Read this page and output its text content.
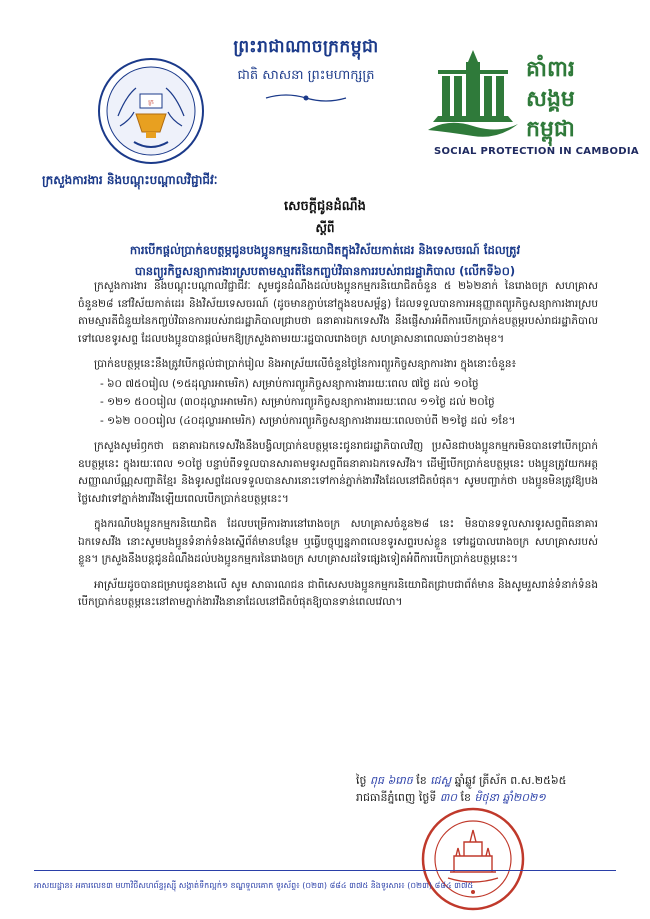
ក្រ
ព្រះរាជាណាចក្រកម្ពុជា
ជាតិ សាសនា ព្រះមហាក្សត្រ	គាំពារ
សង្គម
កម្ពុជា
SOCIAL PROTECTION IN CAMBODIA
ក្រសួងការងារ និងបណ្តុះបណ្តាលវិជ្ជាជីវៈ
សេចក្តីជូនដំណឹង
ស្តីពី
ការបើកផ្តល់ប្រាក់ឧបត្ថម្ភជូនបងប្អូនកម្មករនិយោជិតក្នុងវិស័យកាត់ដេរ និងទេសចរណ៍ ដែលត្រូវ
បានព្យួរកិច្ចសន្យាការងារស្របតាមស្មារតីនៃកញ្ចប់វិធានការរបស់រាជរដ្ឋាភិបាល (លើកទី៦០)

ក្រសួងការងារ និងបណ្តុះបណ្តាលវិជ្ជាជីវៈ សូមជូនដំណឹងដល់បងប្អូនកម្មករនិយោជិតចំនួន ៥ ២៦២នាក់ នៃរោងចក្រ សហគ្រាសចំនួន២៨ នៅវិស័យកាត់ដេរ និងវិស័យទេសចរណ៍ (ដូចមានភ្ជាប់នៅក្នុងឧបសម្ព័ន្ធ) ដែលទទួលបានការអនុញ្ញាតព្យួរកិច្ចសន្យាការងារស្របតាមស្មារតីជំនួយនៃកញ្ចប់វិធានការរបស់រាជរដ្ឋាភិបាលជ្រាបថា ធនាគារឯកទេសវីង នឹងផ្ញើសារអំពីការបើកប្រាក់ឧបត្ថម្ភរបស់រាជរដ្ឋាភិបាលទៅលេខទូរសព្ទ ដែលបងប្អូនបានផ្តល់មកឱ្យក្រសួងតាមរយៈរដ្ឋបាលរោងចក្រ សហគ្រាសនាពេលឆាប់ៗខាងមុខ។

ប្រាក់ឧបត្ថម្ភនេះនឹងត្រូវបើកផ្តល់ជាប្រាក់រៀល និងអាស្រ័យលើចំនួនថ្ងៃនៃការព្យួរកិច្ចសន្យាការងារ ក្នុងនោះចំនួន៖

- ៦០ ៧៥០រៀល (១៥ដុល្លារអាមេរិក) សម្រាប់ការព្យួរកិច្ចសន្យាការងាររយៈពេល ៧ថ្ងៃ ដល់ ១០ថ្ងៃ
- ១២១ ៥០០រៀល (៣០ដុល្លារអាមេរិក) សម្រាប់ការព្យួរកិច្ចសន្យាការងាររយៈពេល ១១ថ្ងៃ ដល់ ២០ថ្ងៃ
- ១៦២ ០០០រៀល (៤០ដុល្លារអាមេរិក) សម្រាប់ការព្យួរកិច្ចសន្យាការងាររយៈពេលចាប់ពី ២១ថ្ងៃ ដល់ ១ខែ។

ក្រសួងសូមរំឭកថា ធនាគារឯកទេសវីងនឹងបង្វិលប្រាក់ឧបត្ថម្ភនេះជូនរាជរដ្ឋាភិបាលវិញ ប្រសិនជាបងប្អូនកម្មករមិនបានទៅបើកប្រាក់ឧបត្ថម្ភនេះ ក្នុងរយៈពេល ១០ថ្ងៃ បន្ទាប់ពីទទួលបានសារតាមទូរសព្ទពីធនាគារឯកទេសវីង។ ដើម្បីបើកប្រាក់ឧបត្ថម្ភនេះ បងប្អូនត្រូវយកអត្តសញ្ញាណប័ណ្ណសញ្ជាតិខ្មែរ និងទូរសព្ទដែលទទួលបានសារនោះទៅកាន់ភ្នាក់ងារវីងដែលនៅជិតបំផុត។ សូមបញ្ជាក់ថា បងប្អូនមិនត្រូវឱ្យបងថ្លៃសេវាទៅភ្នាក់ងារវីងឡើយពេលបើកប្រាក់ឧបត្ថម្ភនេះ។

ក្នុងករណីបងប្អូនកម្មករនិយោជិត ដែលបម្រើការងារនៅរោងចក្រ សហគ្រាសចំនួន២៨ នេះ មិនបានទទួលសារទូរសព្ទពីធនាគារឯកទេសវីង នោះសូមបងប្អូនទំនាក់ទំនងស្នើព័ត៌មានបន្ថែម ឬធ្វើបច្ចុប្បន្នភាពលេខទូរសព្ទរបស់ខ្លួន ទៅរដ្ឋបាលរោងចក្រ សហគ្រាសរបស់ខ្លួន។ ក្រសួងនឹងបន្តជូនដំណឹងដល់បងប្អូនកម្មករនៃរោងចក្រ សហគ្រាសដទៃផ្សេងទៀតអំពីការបើកប្រាក់ឧបត្ថម្ភនេះ។

អាស្រ័យដូចបានជម្រាបជូនខាងលើ សូម សាធារណជន ជាពិសេសបងប្អូនកម្មករនិយោជិតជ្រាបជាព័ត៌មាន និងសូមរួសរាន់ទំនាក់ទំនងបើកប្រាក់ឧបត្ថម្ភនេះនៅតាមភ្នាក់ងារវីងនានាដែលនៅជិតបំផុតឱ្យបានទាន់ពេលវេលា។

ថ្ងៃ ពុធ ៦រោច ខែ ជេស្ឋ ឆ្នាំឆ្លូវ ត្រីស័ក ព.ស.២៥៦៥
រាជធានីភ្នំពេញ ថ្ងៃទី ៣០ ខែ មិថុនា ឆ្នាំ២០២១
អាសយដ្ឋាន៖ អគារលេខ៣ មហាវិថីសហព័ន្ធរុស្ស៊ី សង្កាត់ទឹកល្អក់១ ខណ្ឌទួលគោក ទូរស័ព្ទ៖ (០២៣) ៨៨៤ ៣៧៥ និងទូរសារ៖ (០២៣) ៨៨៤ ៣៧៥
